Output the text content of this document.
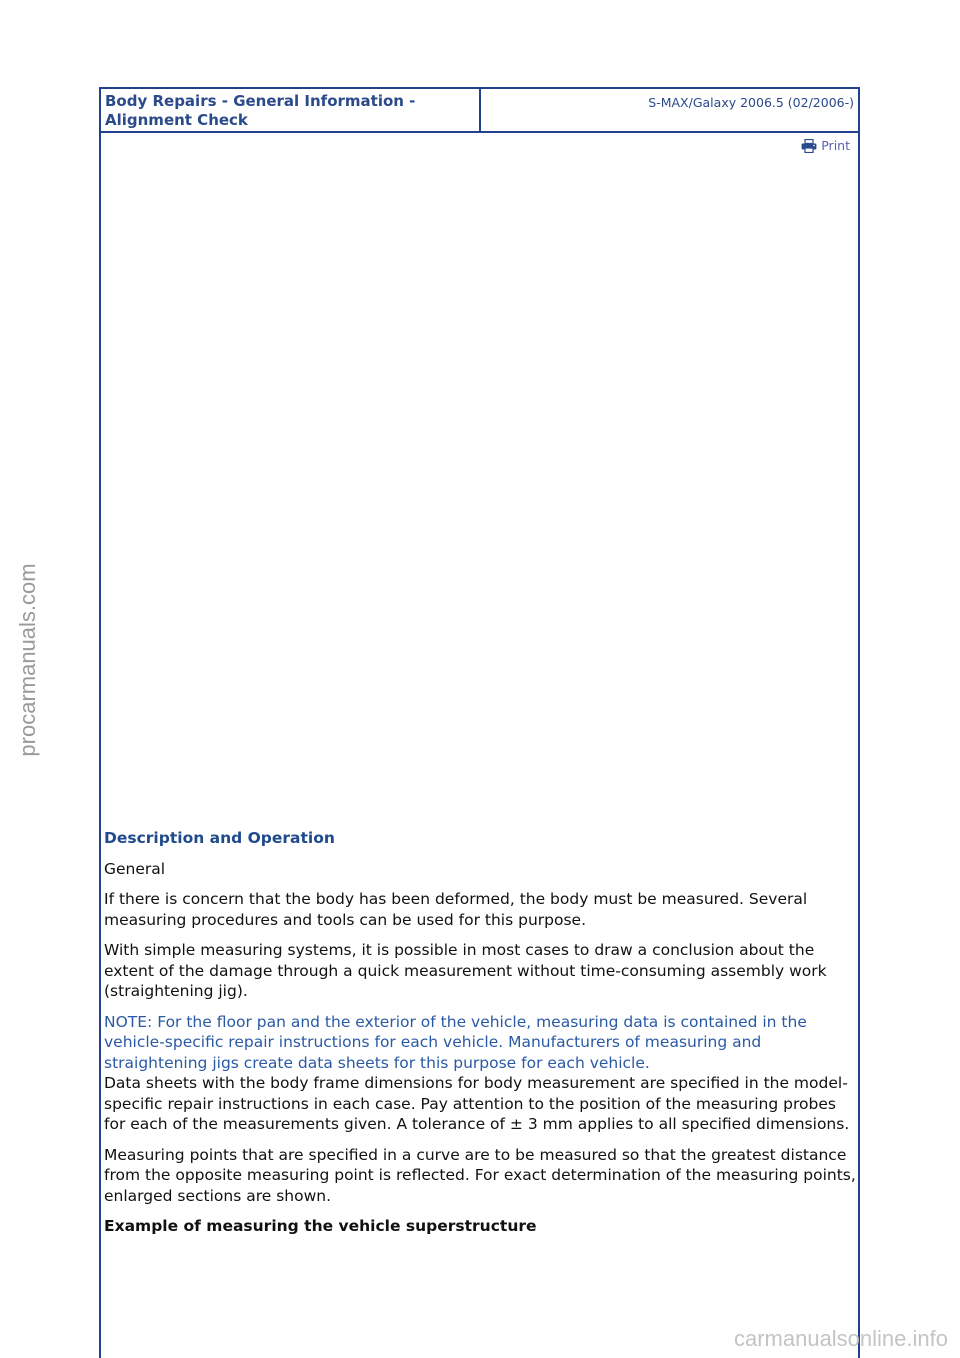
Body Repairs - General Information - Alignment Check
S-MAX/Galaxy 2006.5 (02/2006-)
Print
Description and Operation

General

If there is concern that the body has been deformed, the body must be measured. Several measuring procedures and tools can be used for this purpose.

With simple measuring systems, it is possible in most cases to draw a conclusion about the extent of the damage through a quick measurement without time-consuming assembly work (straightening jig).

NOTE: For the floor pan and the exterior of the vehicle, measuring data is contained in the vehicle-specific repair instructions for each vehicle. Manufacturers of measuring and straightening jigs create data sheets for this purpose for each vehicle.

Data sheets with the body frame dimensions for body measurement are specified in the model-specific repair instructions in each case. Pay attention to the position of the measuring probes for each of the measurements given. A tolerance of ± 3 mm applies to all specified dimensions.

Measuring points that are specified in a curve are to be measured so that the greatest distance from the opposite measuring point is reflected. For exact determination of the measuring points, enlarged sections are shown.

Example of measuring the vehicle superstructure

procarmanuals.com
carmanualsonline.info
